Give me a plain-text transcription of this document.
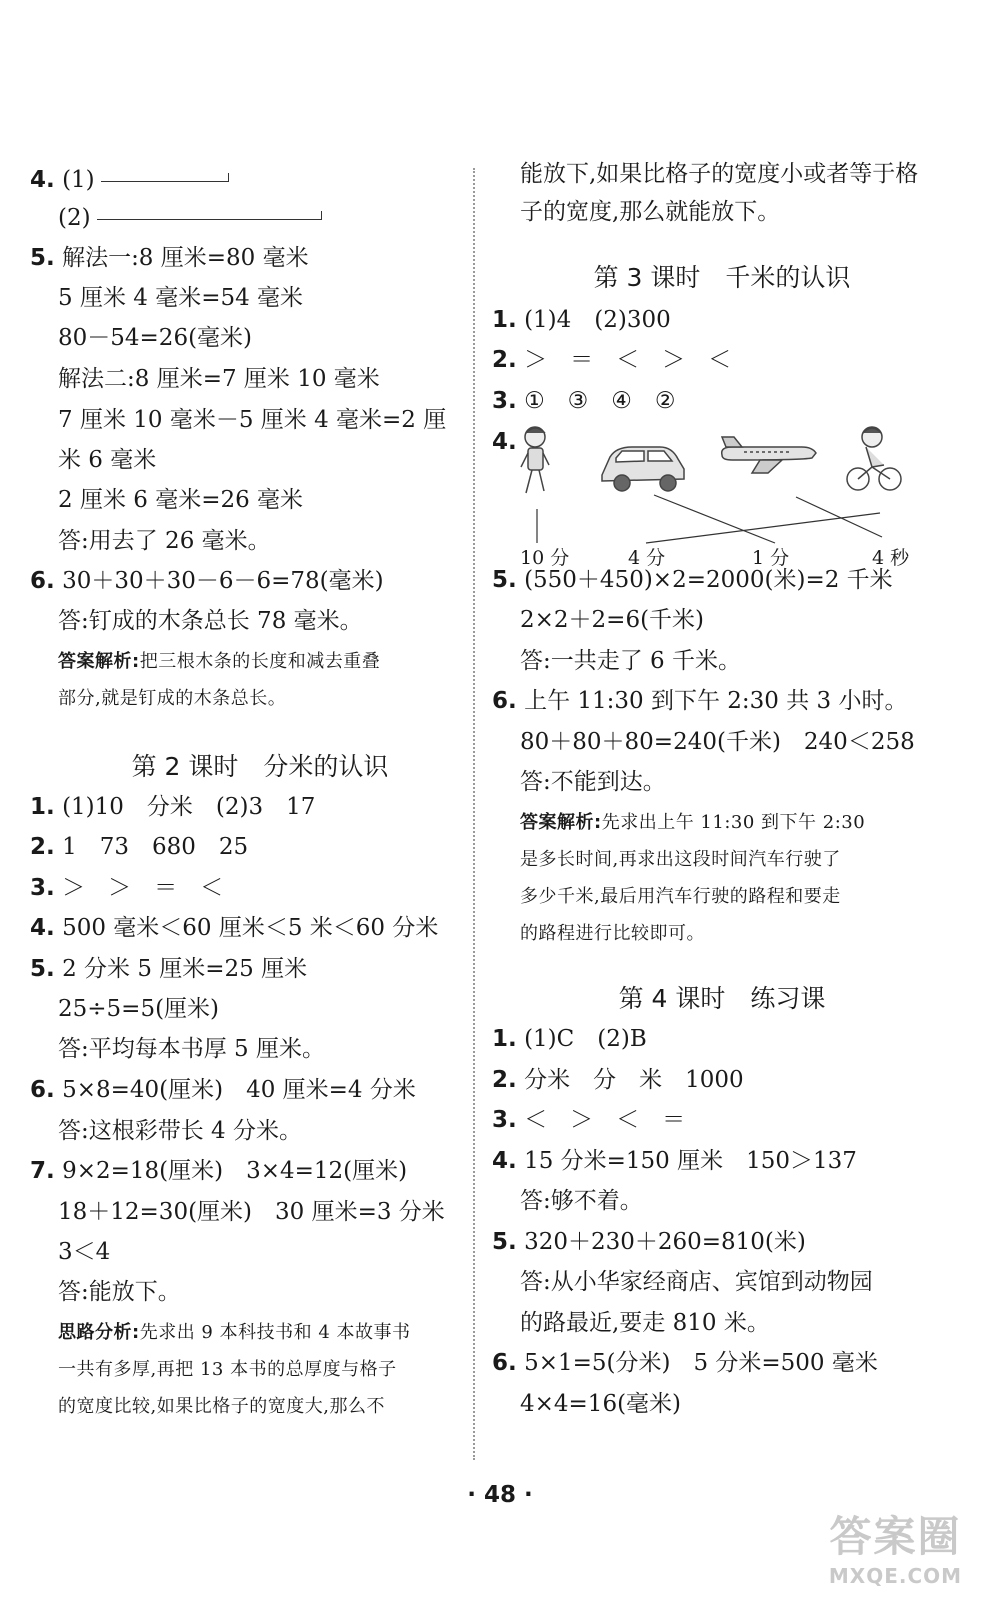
4. (1)
(2)
5. 解法一:8 厘米=80 毫米
5 厘米 4 毫米=54 毫米
80－54=26(毫米)
解法二:8 厘米=7 厘米 10 毫米
7 厘米 10 毫米－5 厘米 4 毫米=2 厘
米 6 毫米
2 厘米 6 毫米=26 毫米
答:用去了 26 毫米。
6. 30＋30＋30－6－6=78(毫米)
答:钉成的木条总长 78 毫米。
答案解析:把三根木条的长度和减去重叠
部分,就是钉成的木条总长。
第 2 课时　分米的认识
1. (1)10　分米　(2)3　17
2. 1　73　680　25
3. ＞　＞　＝　＜
4. 500 毫米＜60 厘米＜5 米＜60 分米
5. 2 分米 5 厘米=25 厘米
25÷5=5(厘米)
答:平均每本书厚 5 厘米。
6. 5×8=40(厘米)　40 厘米=4 分米
答:这根彩带长 4 分米。
7. 9×2=18(厘米)　3×4=12(厘米)
18＋12=30(厘米)　30 厘米=3 分米
3＜4
答:能放下。
思路分析:先求出 9 本科技书和 4 本故事书
一共有多厚,再把 13 本书的总厚度与格子
的宽度比较,如果比格子的宽度大,那么不
能放下,如果比格子的宽度小或者等于格
子的宽度,那么就能放下。
第 3 课时　千米的认识
1. (1)4　(2)300
2. ＞　＝　＜　＞　＜
3. ①　③　④　②
4.
10 分	4 分	1 分	4 秒
5. (550＋450)×2=2000(米)=2 千米
2×2＋2=6(千米)
答:一共走了 6 千米。
6. 上午 11:30 到下午 2:30 共 3 小时。
80＋80＋80=240(千米)　240＜258
答:不能到达。
答案解析:先求出上午 11:30 到下午 2:30
是多长时间,再求出这段时间汽车行驶了
多少千米,最后用汽车行驶的路程和要走
的路程进行比较即可。
第 4 课时　练习课
1. (1)C　(2)B
2. 分米　分　米　1000
3. ＜　＞　＜　＝
4. 15 分米=150 厘米　150＞137
答:够不着。
5. 320＋230＋260=810(米)
答:从小华家经商店、宾馆到动物园
的路最近,要走 810 米。
6. 5×1=5(分米)　5 分米=500 毫米
4×4=16(毫米)
· 48 ·
答案圈
MXQE.COM
